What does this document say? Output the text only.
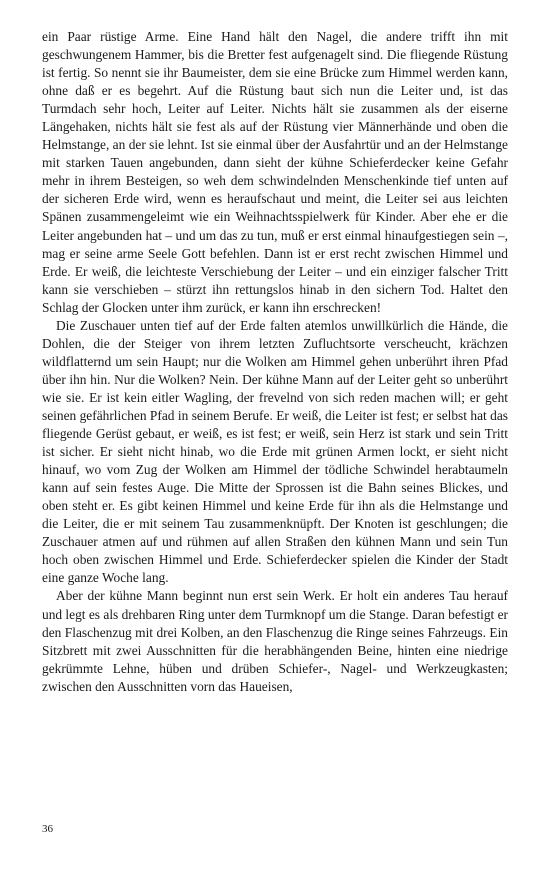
ein Paar rüstige Arme. Eine Hand hält den Nagel, die andere trifft ihn mit geschwungenem Hammer, bis die Bretter fest aufgenagelt sind. Die fliegende Rüstung ist fertig. So nennt sie ihr Baumeister, dem sie eine Brücke zum Himmel werden kann, ohne daß er es begehrt. Auf die Rüstung baut sich nun die Leiter und, ist das Turmdach sehr hoch, Leiter auf Leiter. Nichts hält sie zusammen als der eiserne Längehaken, nichts hält sie fest als auf der Rüstung vier Männerhände und oben die Helmstange, an der sie lehnt. Ist sie einmal über der Ausfahrtür und an der Helmstange mit starken Tauen angebunden, dann sieht der kühne Schieferdecker keine Gefahr mehr in ihrem Besteigen, so weh dem schwindelnden Menschenkinde tief unten auf der sicheren Erde wird, wenn es heraufschaut und meint, die Leiter sei aus leichten Spänen zusammengeleimt wie ein Weihnachtsspielwerk für Kinder. Aber ehe er die Leiter angebunden hat – und um das zu tun, muß er erst einmal hinaufgestiegen sein –, mag er seine arme Seele Gott befehlen. Dann ist er erst recht zwischen Himmel und Erde. Er weiß, die leichteste Verschiebung der Leiter – und ein einziger falscher Tritt kann sie verschieben – stürzt ihn rettungslos hinab in den sichern Tod. Haltet den Schlag der Glocken unter ihm zurück, er kann ihn erschrecken!

Die Zuschauer unten tief auf der Erde falten atemlos unwillkürlich die Hände, die Dohlen, die der Steiger von ihrem letzten Zufluchtsorte verscheucht, krächzen wildflatternd um sein Haupt; nur die Wolken am Himmel gehen unberührt ihren Pfad über ihn hin. Nur die Wolken? Nein. Der kühne Mann auf der Leiter geht so unberührt wie sie. Er ist kein eitler Wagling, der frevelnd von sich reden machen will; er geht seinen gefährlichen Pfad in seinem Berufe. Er weiß, die Leiter ist fest; er selbst hat das fliegende Gerüst gebaut, er weiß, es ist fest; er weiß, sein Herz ist stark und sein Tritt ist sicher. Er sieht nicht hinab, wo die Erde mit grünen Armen lockt, er sieht nicht hinauf, wo vom Zug der Wolken am Himmel der tödliche Schwindel herabtaumeln kann auf sein festes Auge. Die Mitte der Sprossen ist die Bahn seines Blickes, und oben steht er. Es gibt keinen Himmel und keine Erde für ihn als die Helmstange und die Leiter, die er mit seinem Tau zusammenknüpft. Der Knoten ist geschlungen; die Zuschauer atmen auf und rühmen auf allen Straßen den kühnen Mann und sein Tun hoch oben zwischen Himmel und Erde. Schieferdecker spielen die Kinder der Stadt eine ganze Woche lang.

Aber der kühne Mann beginnt nun erst sein Werk. Er holt ein anderes Tau herauf und legt es als drehbaren Ring unter dem Turmknopf um die Stange. Daran befestigt er den Flaschenzug mit drei Kolben, an den Flaschenzug die Ringe seines Fahrzeugs. Ein Sitzbrett mit zwei Ausschnitten für die herabhängenden Beine, hinten eine niedrige gekrümmte Lehne, hüben und drüben Schiefer-, Nagel- und Werkzeugkasten; zwischen den Ausschnitten vorn das Haueisen,

36
